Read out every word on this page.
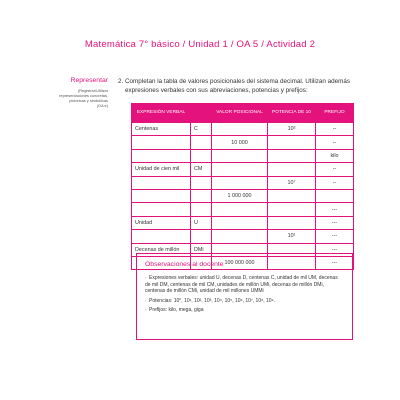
Matemática 7° básico / Unidad 1 / OA 5 / Actividad 2
Representar
(Registrar/Utilizar
representaciones concretas,
pictóricas y simbólicas
(OA e)
2. Completan la tabla de valores posicionales del sistema decimal. Utilizan además expresiones verbales con sus abreviaciones, potencias y prefijos:
EXPRESIÓN VERBAL		VALOR POSICIONAL	POTENCIA DE 10	PREFIJO
Centenas	C		10²	--
		10 000		--
				kilo
Unidad de cien mil	CM			--
			10⁷	--
		1 000 000		
				---
Unidad	U			---
			10¹	---
Decenas de millón	DMi			---
		100 000 000		---
Observaciones al docente
› Expresiones verbales: unidad U, decenas D, centenas C, unidad de mil UM, decenas de mil DM, centenas de mil CM, unidades de millón UMi, decenas de millón DMi, centenas de millón CMi, unidad de mil millones UMMi
› Potencias: 10⁰, 10¹, 10², 10³, 10⁴, 10⁵, 10⁶, 10⁷, 10⁸, 10⁹.
› Prefijos: kilo, mega, giga
